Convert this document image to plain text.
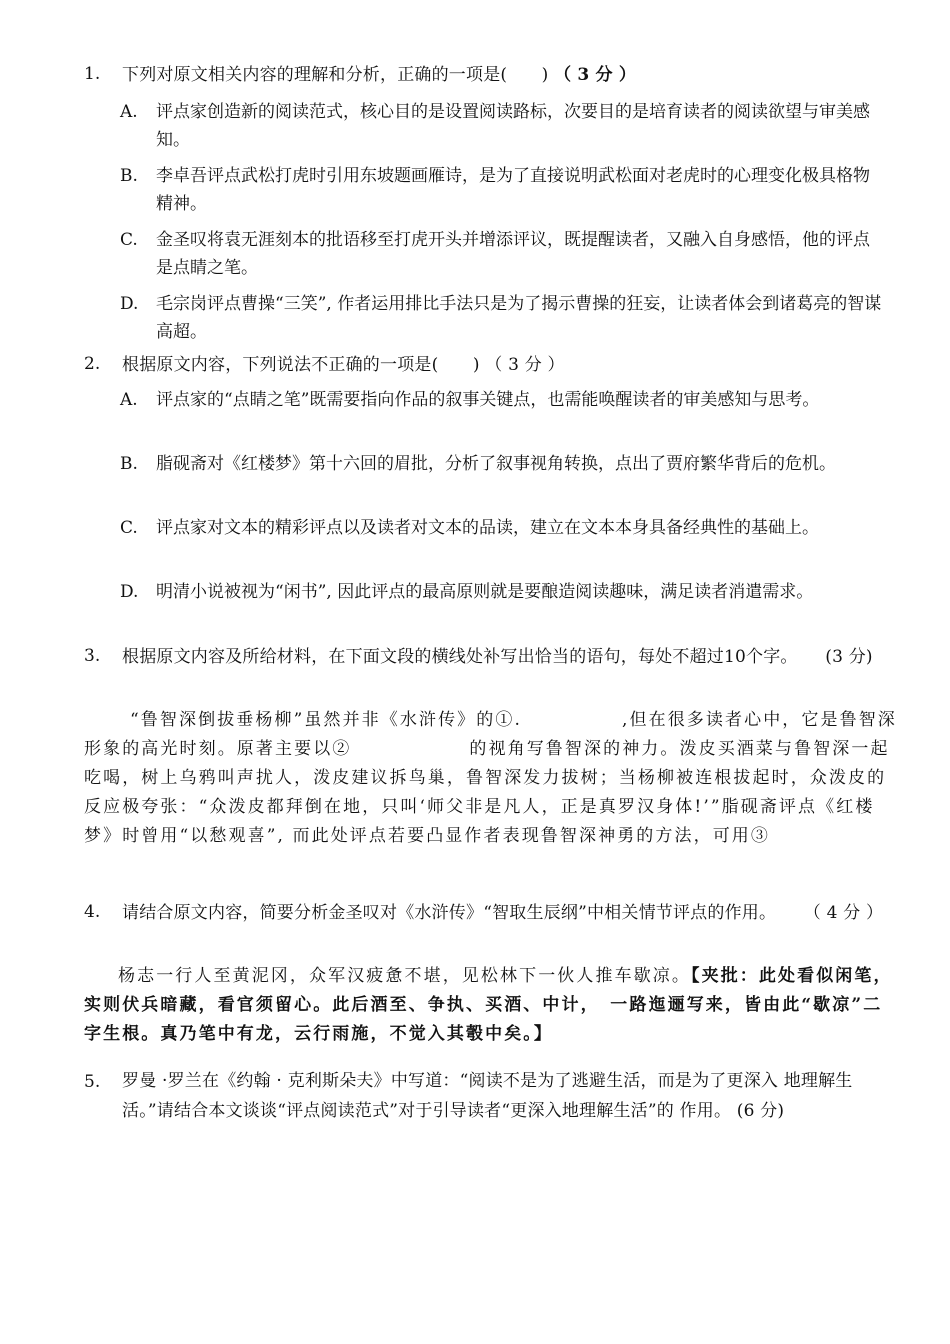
1. 下列对原文相关内容的理解和分析，正确的一项是(　　) （ 3 分 ）
A. 评点家创造新的阅读范式，核心目的是设置阅读路标，次要目的是培育读者的阅读欲望与审美感知。
B. 李卓吾评点武松打虎时引用东坡题画雁诗，是为了直接说明武松面对老虎时的心理变化极具格物精神。
C. 金圣叹将袁无涯刻本的批语移至打虎开头并增添评议，既提醒读者，又融入自身感悟，他的评点是点睛之笔。
D. 毛宗岗评点曹操“三笑”, 作者运用排比手法只是为了揭示曹操的狂妄，让读者体会到诸葛亮的智谋高超。
2. 根据原文内容，下列说法不正确的一项是(　　) （ 3 分 ）
A. 评点家的“点睛之笔”既需要指向作品的叙事关键点，也需能唤醒读者的审美感知与思考。
B. 脂砚斋对《红楼梦》第十六回的眉批，分析了叙事视角转换，点出了贾府繁华背后的危机。
C. 评点家对文本的精彩评点以及读者对文本的品读，建立在文本本身具备经典性的基础上。
D. 明清小说被视为“闲书”, 因此评点的最高原则就是要酿造阅读趣味，满足读者消遣需求。
3. 根据原文内容及所给材料，在下面文段的横线处补写出恰当的语句，每处不超过10个字。 (3 分)
“鲁智深倒拔垂杨柳”虽然并非《水浒传》的①.	,但在很多读者心中，它是鲁智深形象的高光时刻。原著主要以②	的视角写鲁智深的神力。泼皮买酒菜与鲁智深一起吃喝，树上乌鸦叫声扰人，泼皮建议拆鸟巢，鲁智深发力拔树；当杨柳被连根拔起时，众泼皮的反应极夸张：“众泼皮都拜倒在地，只叫‘师父非是凡人，正是真罗汉身体!’”脂砚斋评点《红楼梦》时曾用“以愁观喜”, 而此处评点若要凸显作者表现鲁智深神勇的方法，可用③
4. 请结合原文内容，简要分析金圣叹对《水浒传》“智取生辰纲”中相关情节评点的作用。 （ 4 分 ）
杨志一行人至黄泥冈，众军汉疲惫不堪，见松林下一伙人推车歇凉。【夹批：此处看似闲笔，实则伏兵暗藏，看官须留心。此后酒至、争执、买酒、中计，　一路迤逦写来，皆由此“歇凉”二字生根。真乃笔中有龙，云行雨施，不觉入其彀中矣。】
5. 罗曼 ·罗兰在《约翰 · 克利斯朵夫》中写道：“阅读不是为了逃避生活，而是为了更深入 地理解生活。”请结合本文谈谈“评点阅读范式”对于引导读者“更深入地理解生活”的 作用。 (6 分)
